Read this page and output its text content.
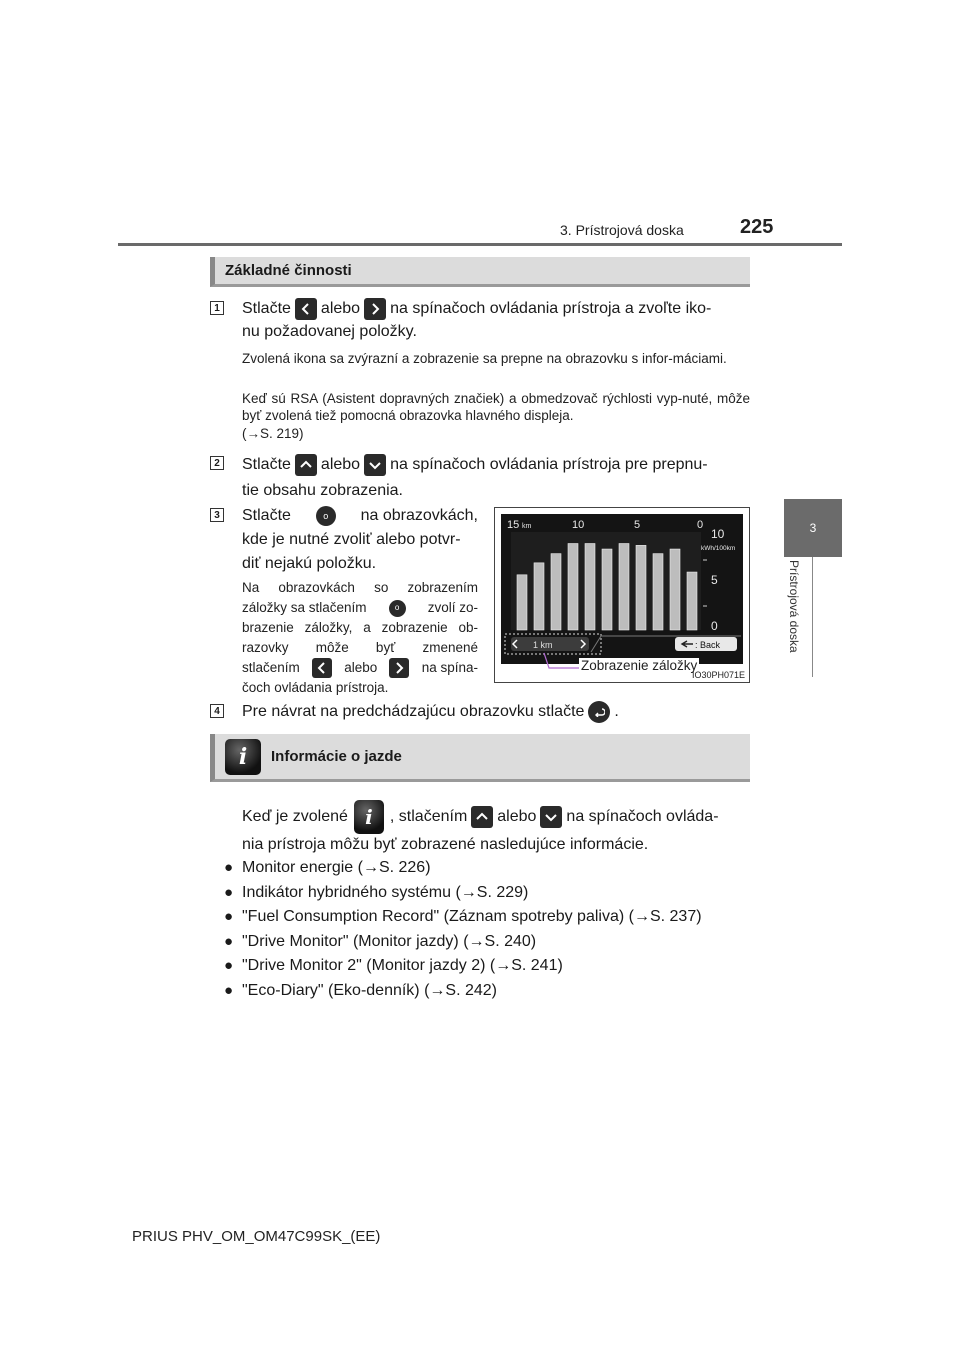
3. Prístrojová doska	225
3
Prístrojová doska
Základné činnosti
1 Stlačte alebo na spínačoch ovládania prístroja a zvoľte iko-
nu požadovanej položky.
Zvolená ikona sa zvýrazní a zobrazenie sa prepne na obrazovku s infor-máciami.
Keď sú RSA (Asistent dopravných značiek) a obmedzovač rýchlosti vyp-nuté, môže byť zvolená tiež pomocná obrazovka hlavného displeja.
(→S. 219)
2 Stlačte alebo na spínačoch ovládania prístroja pre prepnu-
tie obsahu zobrazenia.
3 Stlačte	o	na obrazovkách,
kde je nutné zvoliť alebo potvr-
diť nejakú položku.
Na obrazovkách so zobrazením
záložky sa stlačením	o	zvolí zo-
brazenie záložky, a zobrazenie ob-
razovky môže byť zmenené
stlačením	alebo	na spína-
čoch ovládania prístroja.
15 km	10	5	0
10
kWh/100km
5
0
1 km	: Back
Zobrazenie záložky
IO30PH071E
4 Pre návrat na predchádzajúcu obrazovku stlačte .
i	Informácie o jazde
Keď je zvolené i , stlačením alebo na spínačoch ovláda-
nia prístroja môžu byť zobrazené nasledujúce informácie.
● Monitor energie (→S. 226)
● Indikátor hybridného systému (→S. 229)
● "Fuel Consumption Record" (Záznam spotreby paliva) (→S. 237)
● "Drive Monitor" (Monitor jazdy) (→S. 240)
● "Drive Monitor 2" (Monitor jazdy 2) (→S. 241)
● "Eco-Diary" (Eko-denník) (→S. 242)
PRIUS PHV_OM_OM47C99SK_(EE)
